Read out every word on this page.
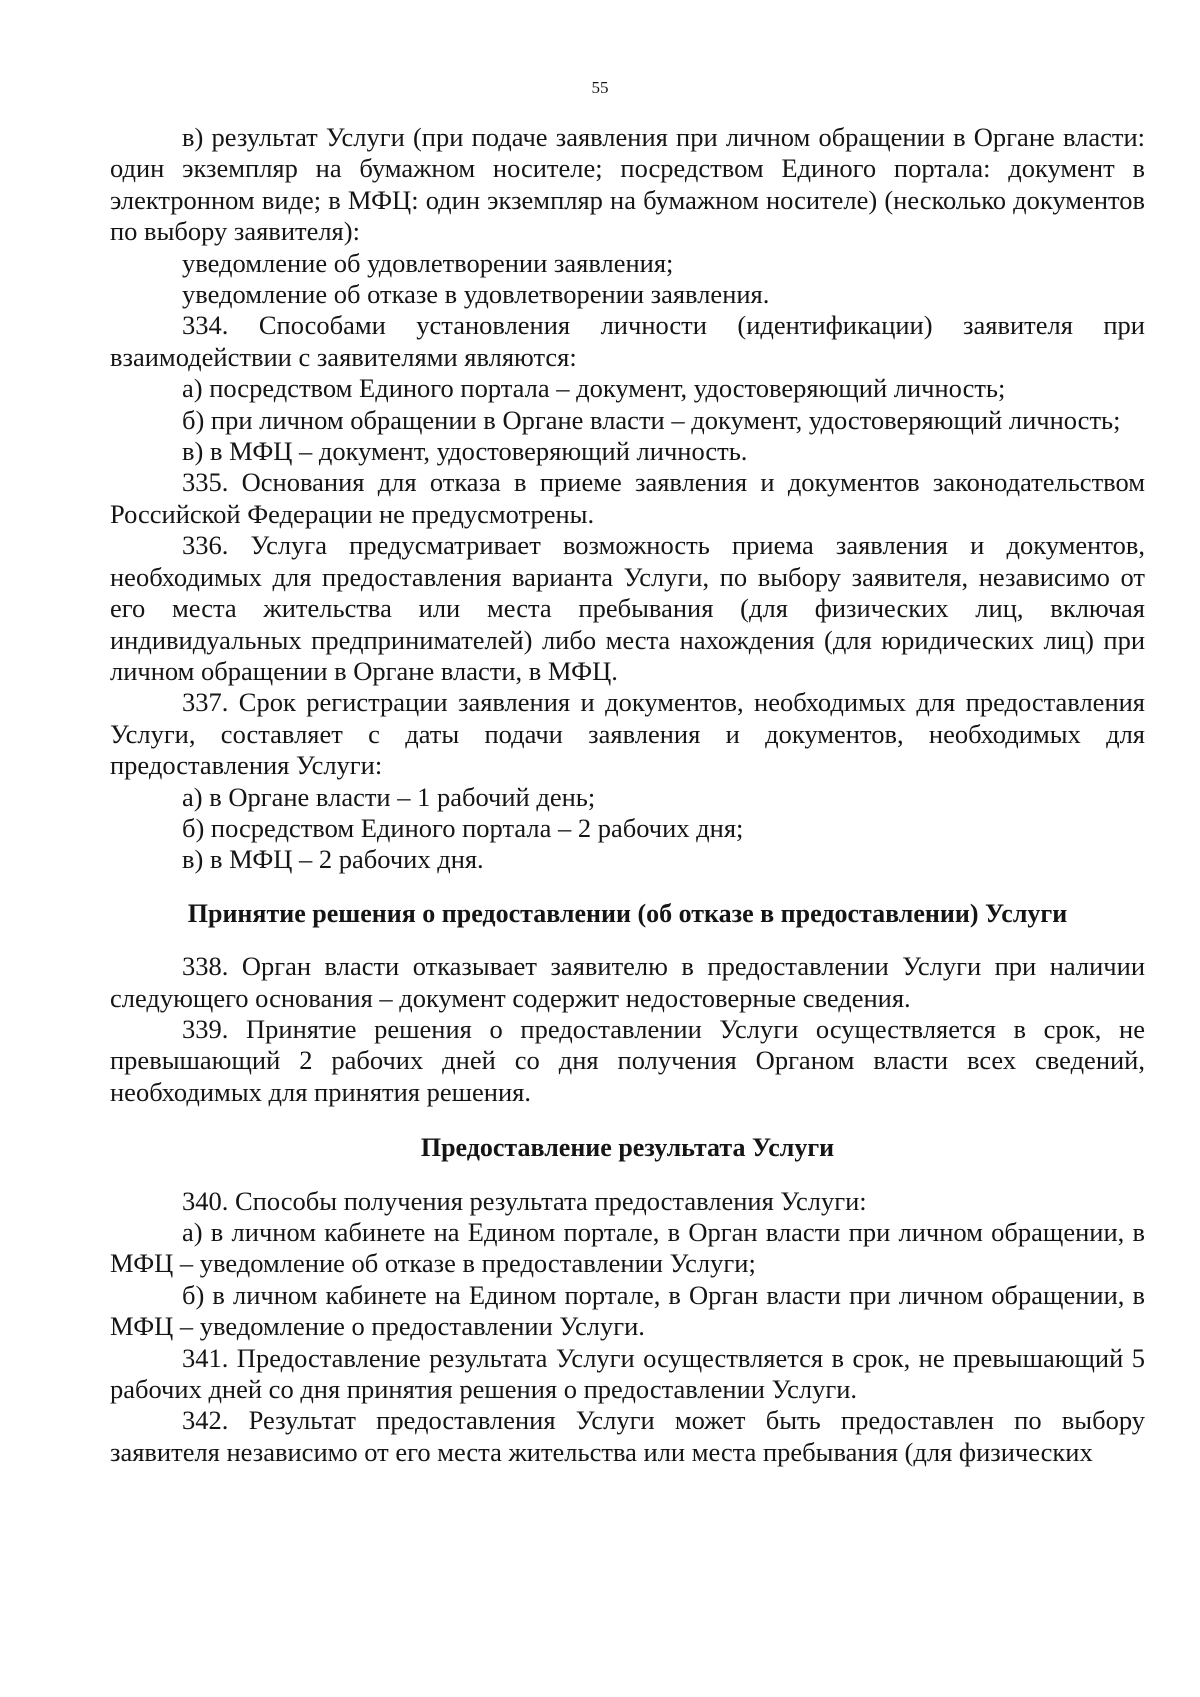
55

в) результат Услуги (при подаче заявления при личном обращении в Органе власти: один экземпляр на бумажном носителе; посредством Единого портала: документ в электронном виде; в МФЦ: один экземпляр на бумажном носителе) (несколько документов по выбору заявителя):

уведомление об удовлетворении заявления;

уведомление об отказе в удовлетворении заявления.

334. Способами установления личности (идентификации) заявителя при взаимодействии с заявителями являются:

а) посредством Единого портала – документ, удостоверяющий личность;

б) при личном обращении в Органе власти – документ, удостоверяющий личность;

в) в МФЦ – документ, удостоверяющий личность.

335. Основания для отказа в приеме заявления и документов законодательством Российской Федерации не предусмотрены.

336. Услуга предусматривает возможность приема заявления и документов, необходимых для предоставления варианта Услуги, по выбору заявителя, независимо от его места жительства или места пребывания (для физических лиц, включая индивидуальных предпринимателей) либо места нахождения (для юридических лиц) при личном обращении в Органе власти, в МФЦ.

337. Срок регистрации заявления и документов, необходимых для предоставления Услуги, составляет с даты подачи заявления и документов, необходимых для предоставления Услуги:

а) в Органе власти – 1 рабочий день;

б) посредством Единого портала – 2 рабочих дня;

в) в МФЦ – 2 рабочих дня.

Принятие решения о предоставлении (об отказе в предоставлении) Услуги

338. Орган власти отказывает заявителю в предоставлении Услуги при наличии следующего основания – документ содержит недостоверные сведения.

339. Принятие решения о предоставлении Услуги осуществляется в срок, не превышающий 2 рабочих дней со дня получения Органом власти всех сведений, необходимых для принятия решения.

Предоставление результата Услуги

340. Способы получения результата предоставления Услуги:

а) в личном кабинете на Едином портале, в Орган власти при личном обращении, в МФЦ – уведомление об отказе в предоставлении Услуги;

б) в личном кабинете на Едином портале, в Орган власти при личном обращении, в МФЦ – уведомление о предоставлении Услуги.

341. Предоставление результата Услуги осуществляется в срок, не превышающий 5 рабочих дней со дня принятия решения о предоставлении Услуги.

342. Результат предоставления Услуги может быть предоставлен по выбору заявителя независимо от его места жительства или места пребывания (для физических
